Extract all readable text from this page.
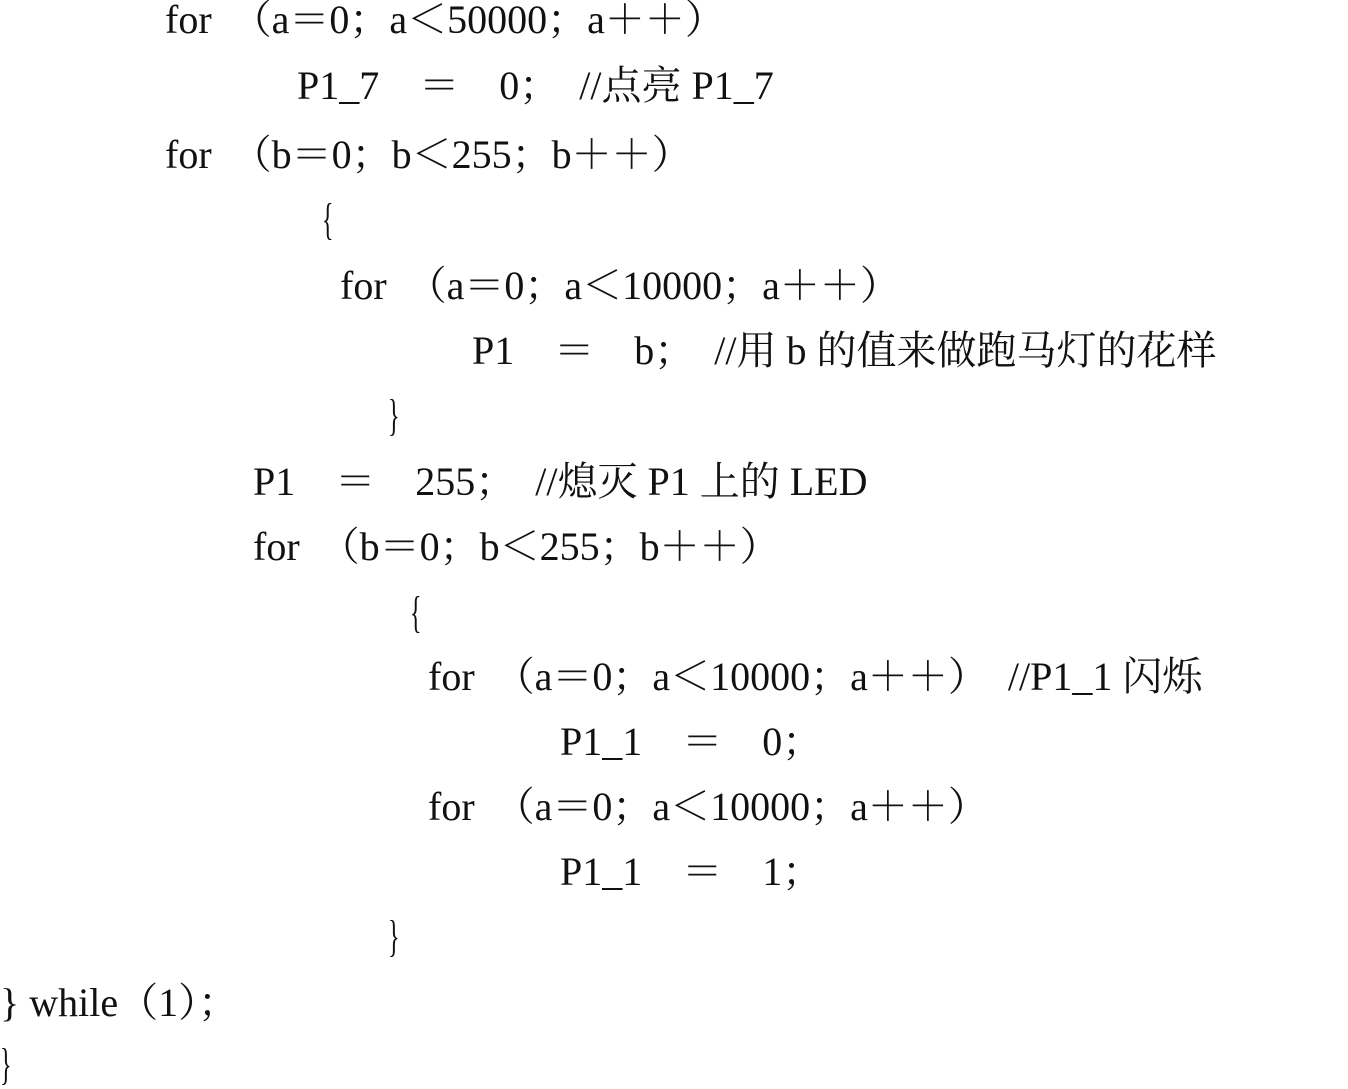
for　（a＝0；a＜50000；a＋＋）
P1_7　＝　0；　//点亮 P1_7
for　（b＝0；b＜255；b＋＋）
{
for　（a＝0；a＜10000；a＋＋）
P1　＝　b；　//用 b 的值来做跑马灯的花样
}
P1　＝　255；　//熄灭 P1 上的 LED
for　（b＝0；b＜255；b＋＋）
{
for　（a＝0；a＜10000；a＋＋）　//P1_1 闪烁
P1_1　＝　0；
for　（a＝0；a＜10000；a＋＋）
P1_1　＝　1；
}
} while（1）；
}
